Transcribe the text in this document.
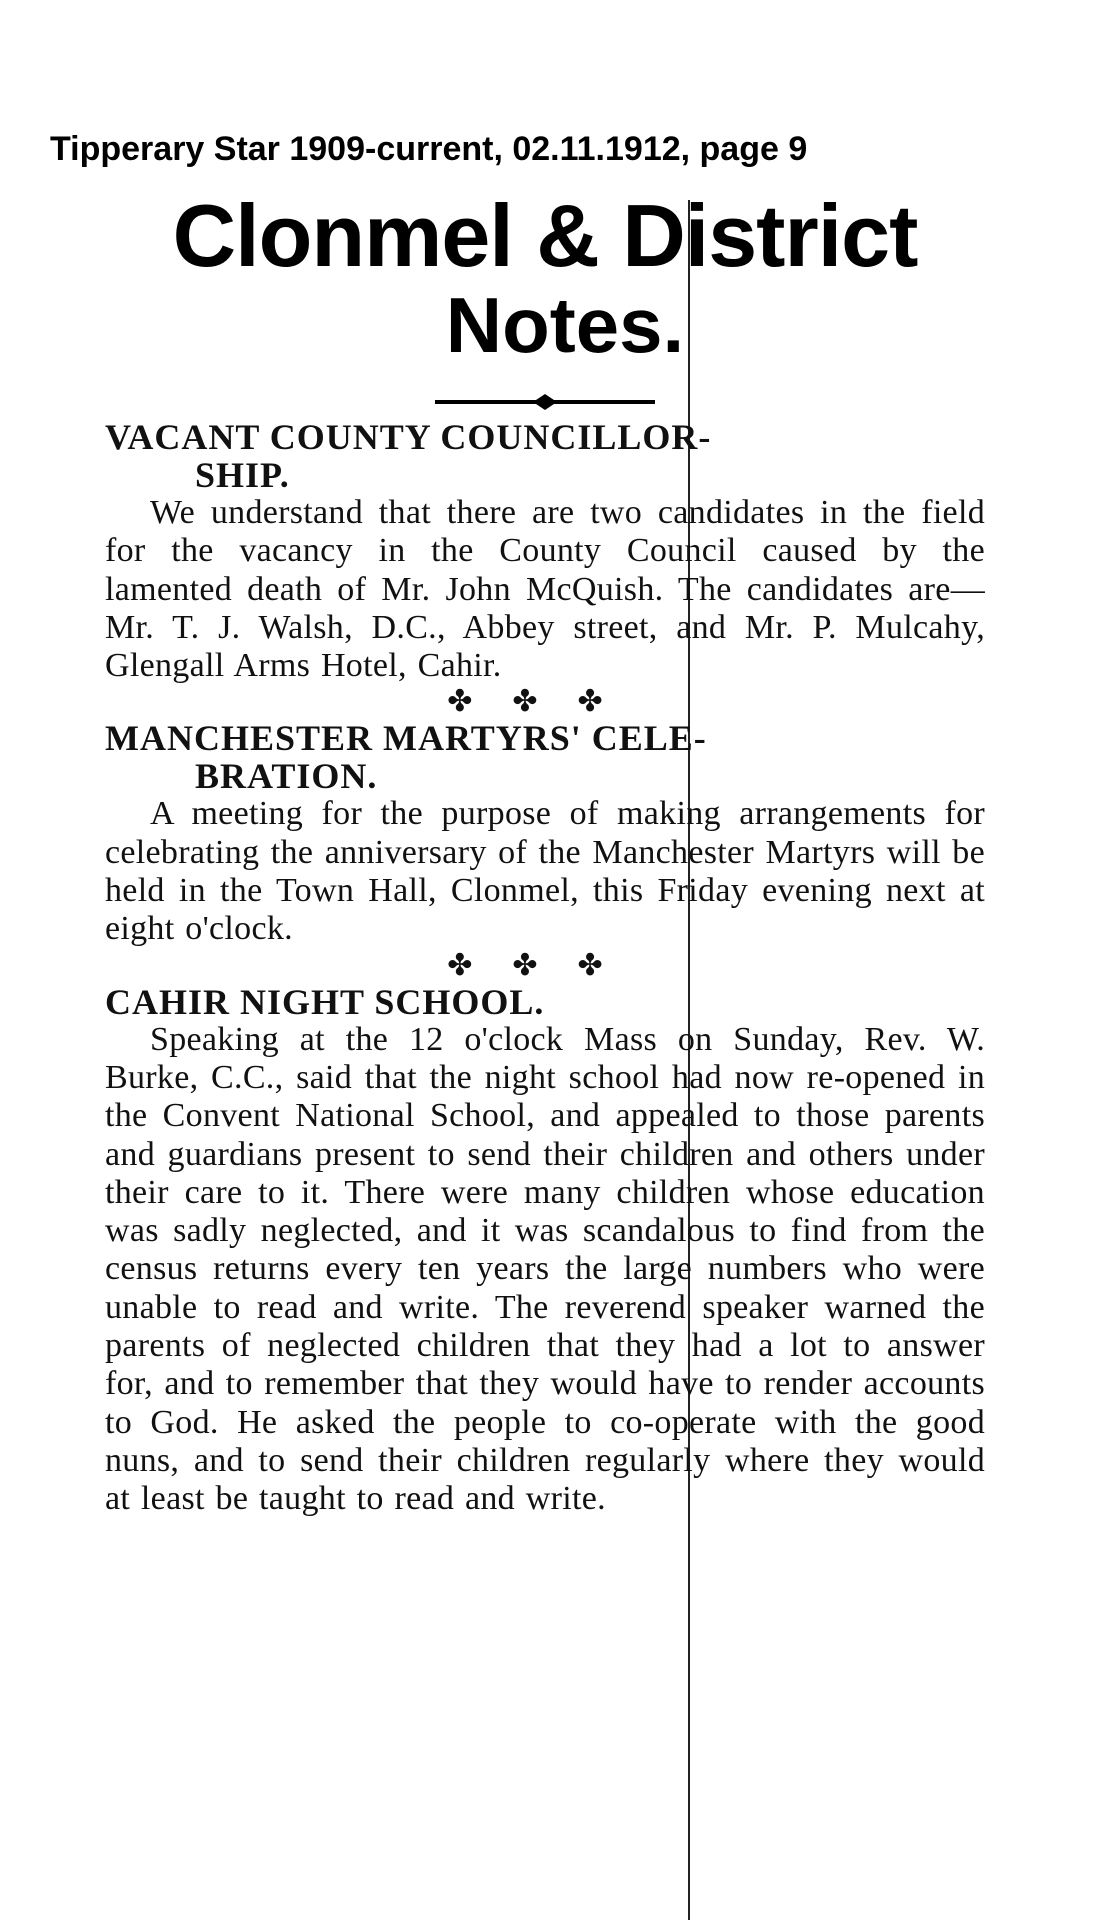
Tipperary Star 1909-current, 02.11.1912, page 9
Clonmel & District
Notes.
VACANT COUNTY COUNCILLOR-
SHIP.

We understand that there are two candidates in the field for the vacancy in the County Council caused by the lamented death of Mr. John McQuish. The candidates are—Mr. T. J. Walsh, D.C., Abbey street, and Mr. P. Mulcahy, Glengall Arms Hotel, Cahir.

✤✤✤

MANCHESTER MARTYRS' CELE-
BRATION.

A meeting for the purpose of making arrangements for celebrating the anniversary of the Manchester Martyrs will be held in the Town Hall, Clonmel, this Friday evening next at eight o'clock.

✤✤✤

CAHIR NIGHT SCHOOL.

Speaking at the 12 o'clock Mass on Sunday, Rev. W. Burke, C.C., said that the night school had now re-opened in the Convent National School, and appealed to those parents and guardians present to send their children and others under their care to it. There were many children whose education was sadly neglected, and it was scandalous to find from the census returns every ten years the large numbers who were unable to read and write. The reverend speaker warned the parents of neglected children that they had a lot to answer for, and to remember that they would have to render accounts to God. He asked the people to co-operate with the good nuns, and to send their children regularly where they would at least be taught to read and write.
